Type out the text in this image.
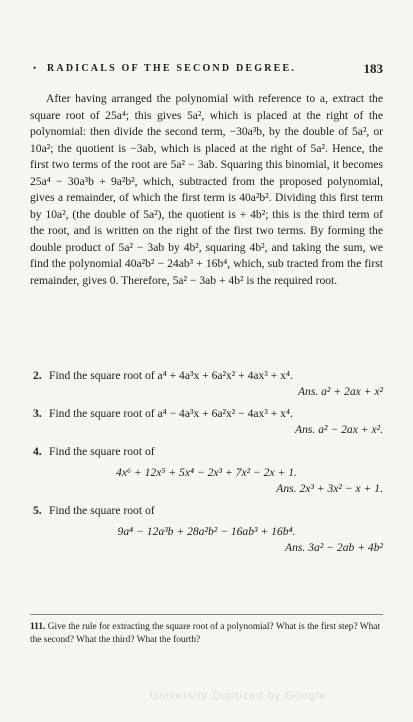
• RADICALS OF THE SECOND DEGREE.	183

After having arranged the polynomial with reference to a, extract the square root of 25a⁴; this gives 5a², which is placed at the right of the polynomial: then divide the second term, −30a³b, by the double of 5a², or 10a²; the quotient is −3ab, which is placed at the right of 5a². Hence, the first two terms of the root are 5a² − 3ab. Squaring this binomial, it becomes 25a⁴ − 30a³b + 9a²b², which, subtracted from the proposed polynomial, gives a remainder, of which the first term is 40a²b². Dividing this first term by 10a², (the double of 5a²), the quotient is + 4b²; this is the third term of the root, and is written on the right of the first two terms. By forming the double product of 5a² − 3ab by 4b², squaring 4b², and taking the sum, we find the polynomial 40a²b² − 24ab³ + 16b⁴, which, sub tracted from the first remainder, gives 0. Therefore, 5a² − 3ab + 4b² is the required root.

2. Find the square root of a⁴ + 4a³x + 6a²x² + 4ax³ + x⁴.
Ans. a² + 2ax + x²
3. Find the square root of a⁴ − 4a³x + 6a²x² − 4ax³ + x⁴.
Ans. a² − 2ax + x².
4. Find the square root of
4x⁶ + 12x⁵ + 5x⁴ − 2x³ + 7x² − 2x + 1.
Ans. 2x³ + 3x² − x + 1.
5. Find the square root of
9a⁴ − 12a³b + 28a²b² − 16ab³ + 16b⁴.
Ans. 3a² − 2ab + 4b²
111. Give the rule for extracting the square root of a polynomial? What is the first step? What the second? What the third? What the fourth?
University Digitized by Google
